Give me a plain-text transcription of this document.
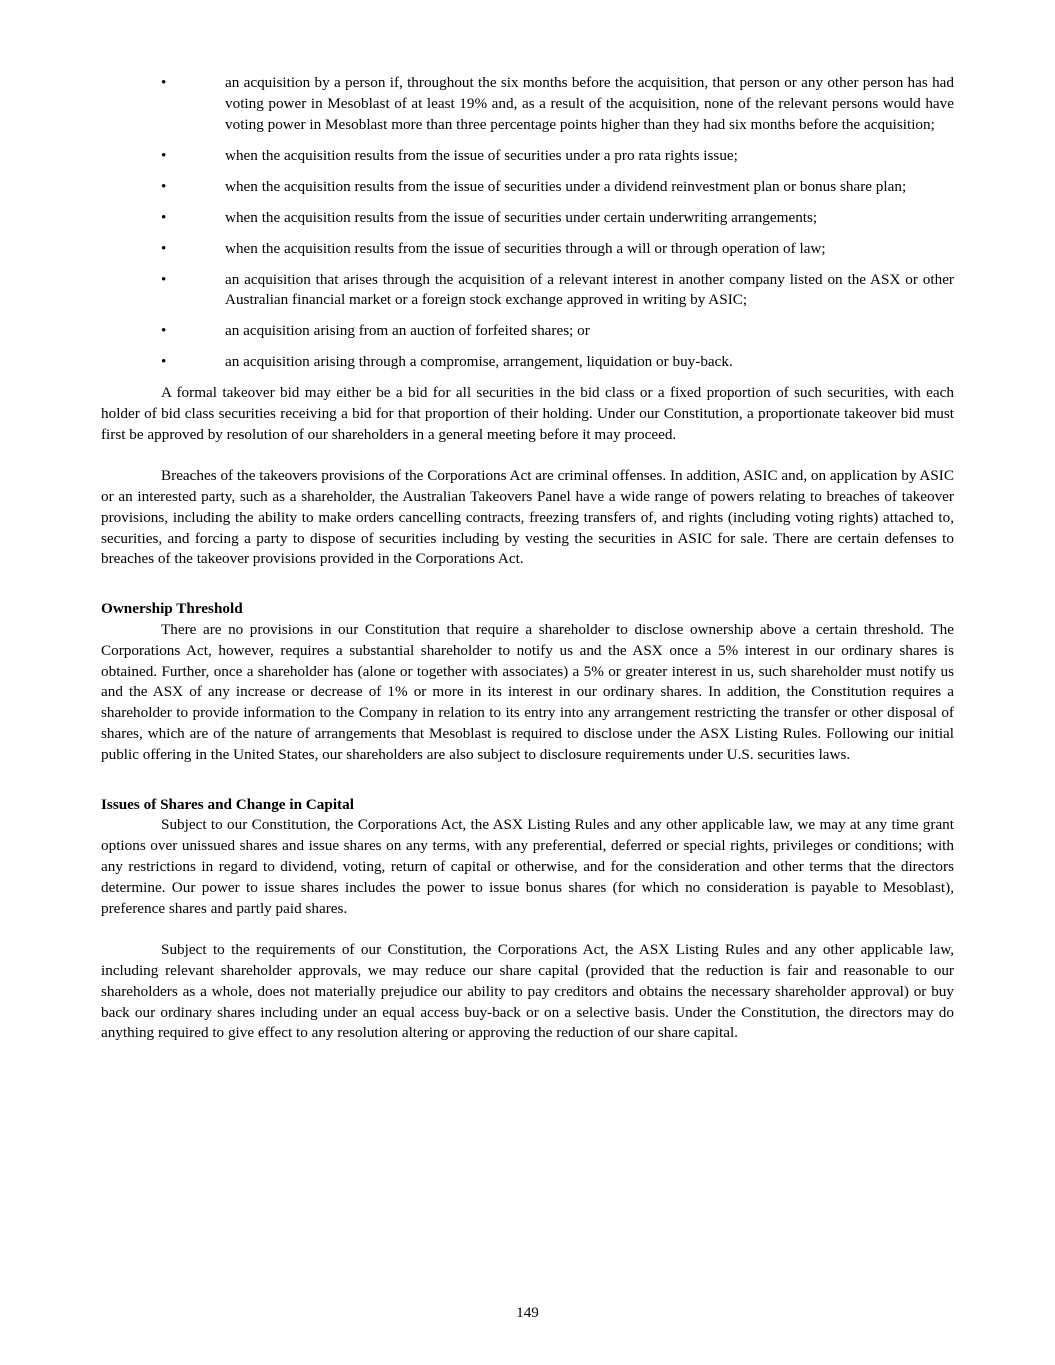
•	an acquisition by a person if, throughout the six months before the acquisition, that person or any other person has had voting power in Mesoblast of at least 19% and, as a result of the acquisition, none of the relevant persons would have voting power in Mesoblast more than three percentage points higher than they had six months before the acquisition;
•	when the acquisition results from the issue of securities under a pro rata rights issue;
•	when the acquisition results from the issue of securities under a dividend reinvestment plan or bonus share plan;
•	when the acquisition results from the issue of securities under certain underwriting arrangements;
•	when the acquisition results from the issue of securities through a will or through operation of law;
•	an acquisition that arises through the acquisition of a relevant interest in another company listed on the ASX or other Australian financial market or a foreign stock exchange approved in writing by ASIC;
•	an acquisition arising from an auction of forfeited shares; or
•	an acquisition arising through a compromise, arrangement, liquidation or buy-back.

A formal takeover bid may either be a bid for all securities in the bid class or a fixed proportion of such securities, with each holder of bid class securities receiving a bid for that proportion of their holding. Under our Constitution, a proportionate takeover bid must first be approved by resolution of our shareholders in a general meeting before it may proceed.

Breaches of the takeovers provisions of the Corporations Act are criminal offenses. In addition, ASIC and, on application by ASIC or an interested party, such as a shareholder, the Australian Takeovers Panel have a wide range of powers relating to breaches of takeover provisions, including the ability to make orders cancelling contracts, freezing transfers of, and rights (including voting rights) attached to, securities, and forcing a party to dispose of securities including by vesting the securities in ASIC for sale. There are certain defenses to breaches of the takeover provisions provided in the Corporations Act.

Ownership Threshold

There are no provisions in our Constitution that require a shareholder to disclose ownership above a certain threshold. The Corporations Act, however, requires a substantial shareholder to notify us and the ASX once a 5% interest in our ordinary shares is obtained. Further, once a shareholder has (alone or together with associates) a 5% or greater interest in us, such shareholder must notify us and the ASX of any increase or decrease of 1% or more in its interest in our ordinary shares. In addition, the Constitution requires a shareholder to provide information to the Company in relation to its entry into any arrangement restricting the transfer or other disposal of shares, which are of the nature of arrangements that Mesoblast is required to disclose under the ASX Listing Rules. Following our initial public offering in the United States, our shareholders are also subject to disclosure requirements under U.S. securities laws.

Issues of Shares and Change in Capital

Subject to our Constitution, the Corporations Act, the ASX Listing Rules and any other applicable law, we may at any time grant options over unissued shares and issue shares on any terms, with any preferential, deferred or special rights, privileges or conditions; with any restrictions in regard to dividend, voting, return of capital or otherwise, and for the consideration and other terms that the directors determine. Our power to issue shares includes the power to issue bonus shares (for which no consideration is payable to Mesoblast), preference shares and partly paid shares.

Subject to the requirements of our Constitution, the Corporations Act, the ASX Listing Rules and any other applicable law, including relevant shareholder approvals, we may reduce our share capital (provided that the reduction is fair and reasonable to our shareholders as a whole, does not materially prejudice our ability to pay creditors and obtains the necessary shareholder approval) or buy back our ordinary shares including under an equal access buy-back or on a selective basis. Under the Constitution, the directors may do anything required to give effect to any resolution altering or approving the reduction of our share capital.

149
